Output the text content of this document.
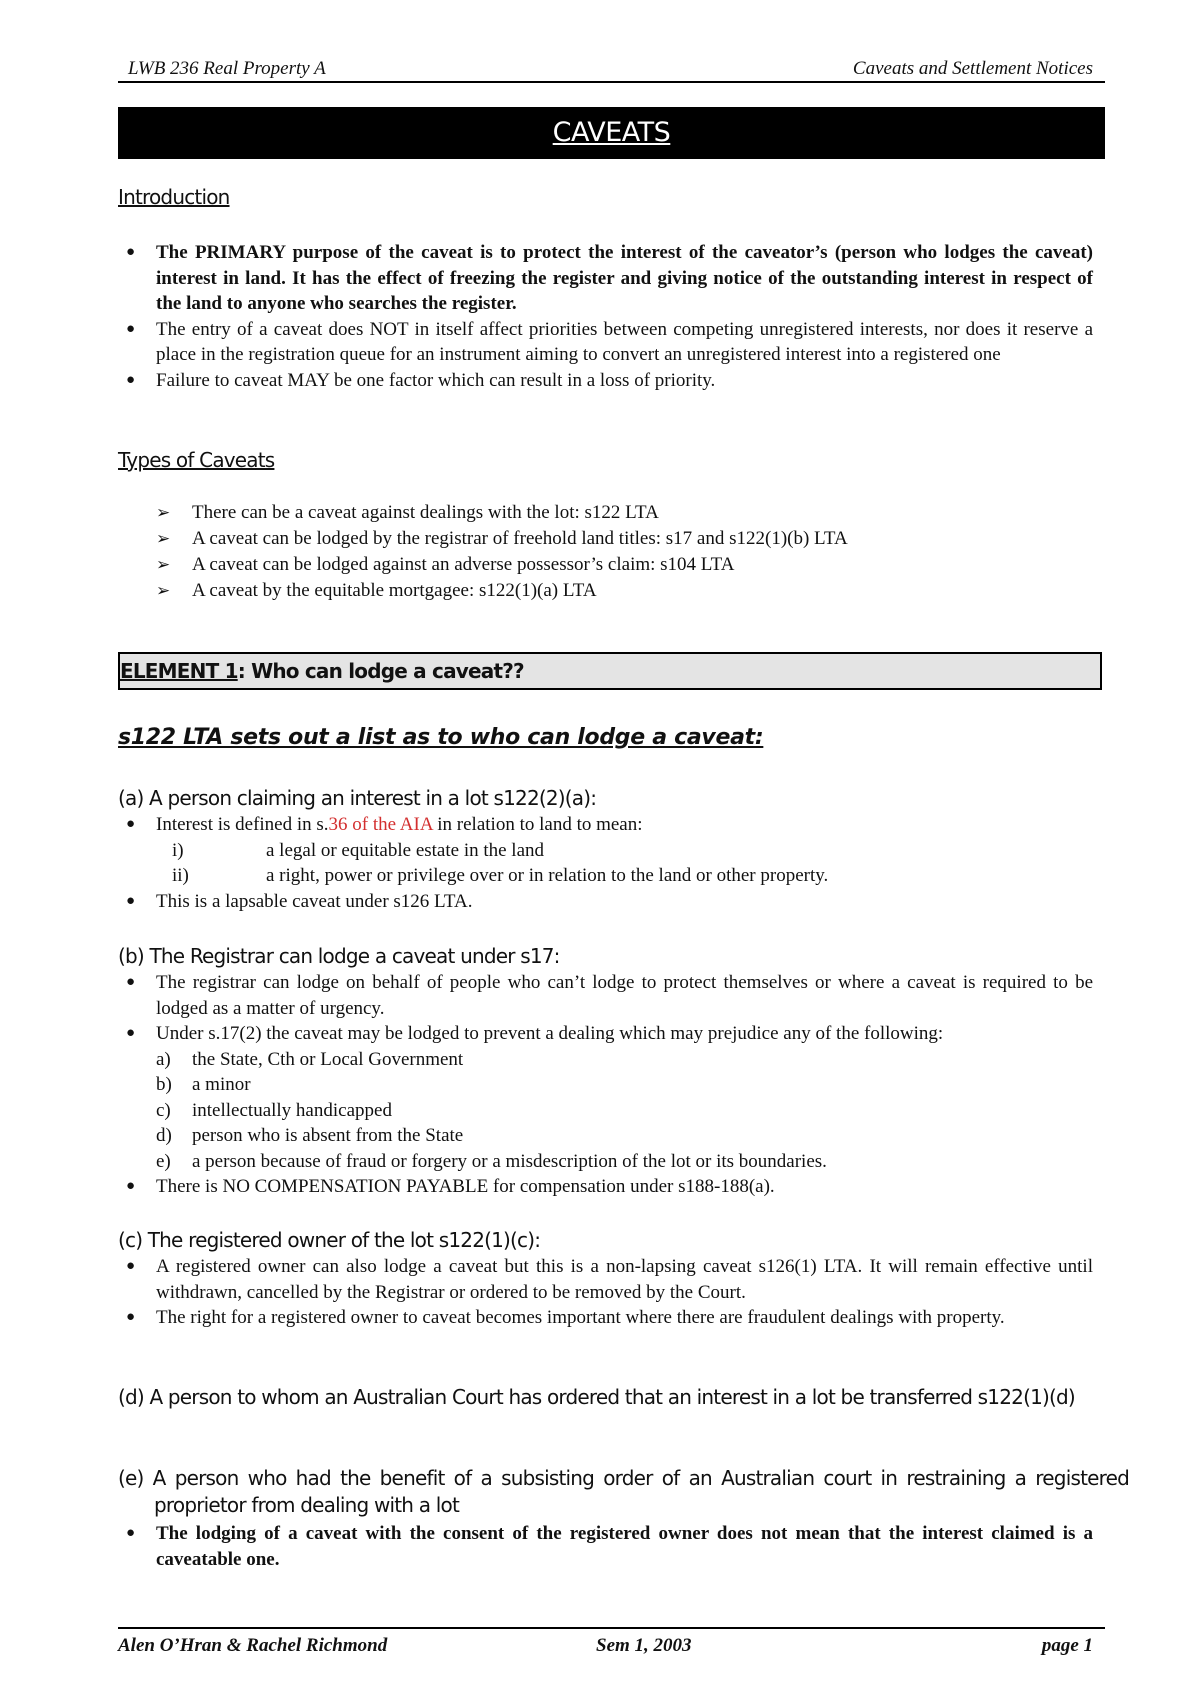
LWB 236 Real Property A	Caveats and Settlement Notices
CAVEATS
Introduction
● The PRIMARY purpose of the caveat is to protect the interest of the caveator’s (person who lodges the caveat) interest in land. It has the effect of freezing the register and giving notice of the outstanding interest in respect of the land to anyone who searches the register.
● The entry of a caveat does NOT in itself affect priorities between competing unregistered interests, nor does it reserve a place in the registration queue for an instrument aiming to convert an unregistered interest into a registered one
● Failure to caveat MAY be one factor which can result in a loss of priority.
Types of Caveats
➢ There can be a caveat against dealings with the lot: s122 LTA
➢ A caveat can be lodged by the registrar of freehold land titles: s17 and s122(1)(b) LTA
➢ A caveat can be lodged against an adverse possessor’s claim: s104 LTA
➢ A caveat by the equitable mortgagee: s122(1)(a) LTA
ELEMENT 1: Who can lodge a caveat??
s122 LTA sets out a list as to who can lodge a caveat:
(a) A person claiming an interest in a lot s122(2)(a):
● Interest is defined in s.36 of the AIA in relation to land to mean:
i)	a legal or equitable estate in the land
ii)	a right, power or privilege over or in relation to the land or other property.
● This is a lapsable caveat under s126 LTA.
(b) The Registrar can lodge a caveat under s17:
● The registrar can lodge on behalf of people who can’t lodge to protect themselves or where a caveat is required to be lodged as a matter of urgency.
● Under s.17(2) the caveat may be lodged to prevent a dealing which may prejudice any of the following:
a) the State, Cth or Local Government
b) a minor
c) intellectually handicapped
d) person who is absent from the State
e) a person because of fraud or forgery or a misdescription of the lot or its boundaries.
● There is NO COMPENSATION PAYABLE for compensation under s188-188(a).
(c) The registered owner of the lot s122(1)(c):
● A registered owner can also lodge a caveat but this is a non-lapsing caveat s126(1) LTA. It will remain effective until withdrawn, cancelled by the Registrar or ordered to be removed by the Court.
● The right for a registered owner to caveat becomes important where there are fraudulent dealings with property.
(d) A person to whom an Australian Court has ordered that an interest in a lot be transferred s122(1)(d)
(e) A person who had the benefit of a subsisting order of an Australian court in restraining a registered proprietor from dealing with a lot
● The lodging of a caveat with the consent of the registered owner does not mean that the interest claimed is a caveatable one.
Alen O’Hran & Rachel Richmond	Sem 1, 2003	page 1
